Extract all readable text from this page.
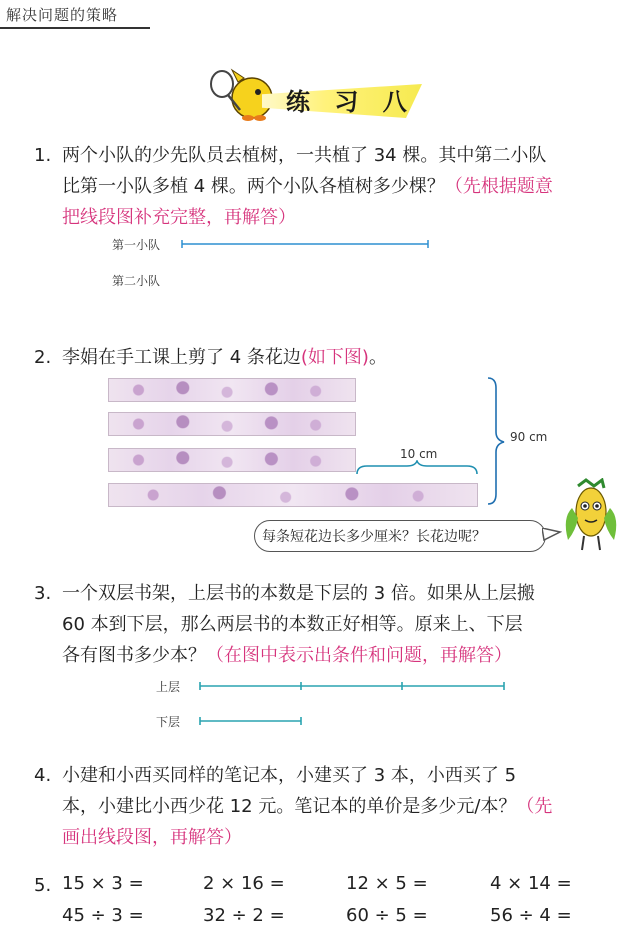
解决问题的策略
练 习 八
1. 两个小队的少先队员去植树，一共植了 34 棵。其中第二小队
比第一小队多植 4 棵。两个小队各植树多少棵？（先根据题意
把线段图补充完整，再解答）
第一小队
第二小队
2. 李娟在手工课上剪了 4 条花边(如下图)。
10 cm
90 cm
每条短花边长多少厘米？长花边呢？
3. 一个双层书架，上层书的本数是下层的 3 倍。如果从上层搬
60 本到下层，那么两层书的本数正好相等。原来上、下层
各有图书多少本？（在图中表示出条件和问题，再解答）
上层
下层
4. 小建和小西买同样的笔记本，小建买了 3 本，小西买了 5
本，小建比小西少花 12 元。笔记本的单价是多少元/本？（先
画出线段图，再解答）
5. 15 × 3 =	2 × 16 =	12 × 5 =	4 × 14 =
45 ÷ 3 =	32 ÷ 2 =	60 ÷ 5 =	56 ÷ 4 =
